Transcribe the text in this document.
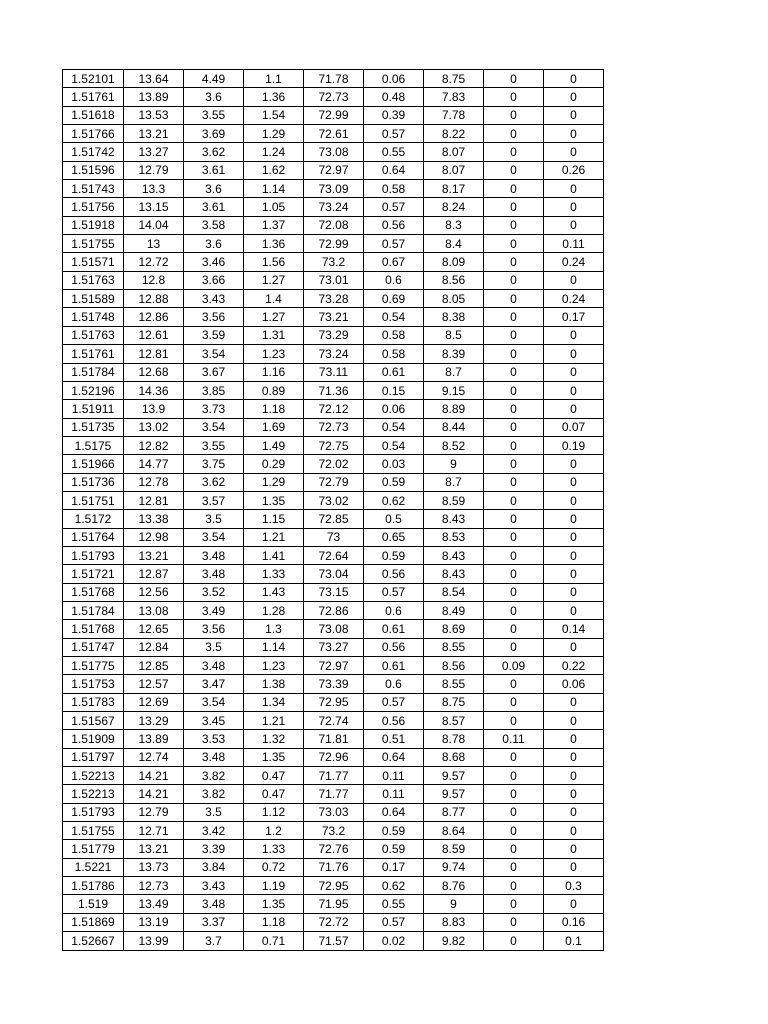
1.52101	13.64	4.49	1.1	71.78	0.06	8.75	0	0
1.51761	13.89	3.6	1.36	72.73	0.48	7.83	0	0
1.51618	13.53	3.55	1.54	72.99	0.39	7.78	0	0
1.51766	13.21	3.69	1.29	72.61	0.57	8.22	0	0
1.51742	13.27	3.62	1.24	73.08	0.55	8.07	0	0
1.51596	12.79	3.61	1.62	72.97	0.64	8.07	0	0.26
1.51743	13.3	3.6	1.14	73.09	0.58	8.17	0	0
1.51756	13.15	3.61	1.05	73.24	0.57	8.24	0	0
1.51918	14.04	3.58	1.37	72.08	0.56	8.3	0	0
1.51755	13	3.6	1.36	72.99	0.57	8.4	0	0.11
1.51571	12.72	3.46	1.56	73.2	0.67	8.09	0	0.24
1.51763	12.8	3.66	1.27	73.01	0.6	8.56	0	0
1.51589	12.88	3.43	1.4	73.28	0.69	8.05	0	0.24
1.51748	12.86	3.56	1.27	73.21	0.54	8.38	0	0.17
1.51763	12.61	3.59	1.31	73.29	0.58	8.5	0	0
1.51761	12.81	3.54	1.23	73.24	0.58	8.39	0	0
1.51784	12.68	3.67	1.16	73.11	0.61	8.7	0	0
1.52196	14.36	3.85	0.89	71.36	0.15	9.15	0	0
1.51911	13.9	3.73	1.18	72.12	0.06	8.89	0	0
1.51735	13.02	3.54	1.69	72.73	0.54	8.44	0	0.07
1.5175	12.82	3.55	1.49	72.75	0.54	8.52	0	0.19
1.51966	14.77	3.75	0.29	72.02	0.03	9	0	0
1.51736	12.78	3.62	1.29	72.79	0.59	8.7	0	0
1.51751	12.81	3.57	1.35	73.02	0.62	8.59	0	0
1.5172	13.38	3.5	1.15	72.85	0.5	8.43	0	0
1.51764	12.98	3.54	1.21	73	0.65	8.53	0	0
1.51793	13.21	3.48	1.41	72.64	0.59	8.43	0	0
1.51721	12.87	3.48	1.33	73.04	0.56	8.43	0	0
1.51768	12.56	3.52	1.43	73.15	0.57	8.54	0	0
1.51784	13.08	3.49	1.28	72.86	0.6	8.49	0	0
1.51768	12.65	3.56	1.3	73.08	0.61	8.69	0	0.14
1.51747	12.84	3.5	1.14	73.27	0.56	8.55	0	0
1.51775	12.85	3.48	1.23	72.97	0.61	8.56	0.09	0.22
1.51753	12.57	3.47	1.38	73.39	0.6	8.55	0	0.06
1.51783	12.69	3.54	1.34	72.95	0.57	8.75	0	0
1.51567	13.29	3.45	1.21	72.74	0.56	8.57	0	0
1.51909	13.89	3.53	1.32	71.81	0.51	8.78	0.11	0
1.51797	12.74	3.48	1.35	72.96	0.64	8.68	0	0
1.52213	14.21	3.82	0.47	71.77	0.11	9.57	0	0
1.52213	14.21	3.82	0.47	71.77	0.11	9.57	0	0
1.51793	12.79	3.5	1.12	73.03	0.64	8.77	0	0
1.51755	12.71	3.42	1.2	73.2	0.59	8.64	0	0
1.51779	13.21	3.39	1.33	72.76	0.59	8.59	0	0
1.5221	13.73	3.84	0.72	71.76	0.17	9.74	0	0
1.51786	12.73	3.43	1.19	72.95	0.62	8.76	0	0.3
1.519	13.49	3.48	1.35	71.95	0.55	9	0	0
1.51869	13.19	3.37	1.18	72.72	0.57	8.83	0	0.16
1.52667	13.99	3.7	0.71	71.57	0.02	9.82	0	0.1
